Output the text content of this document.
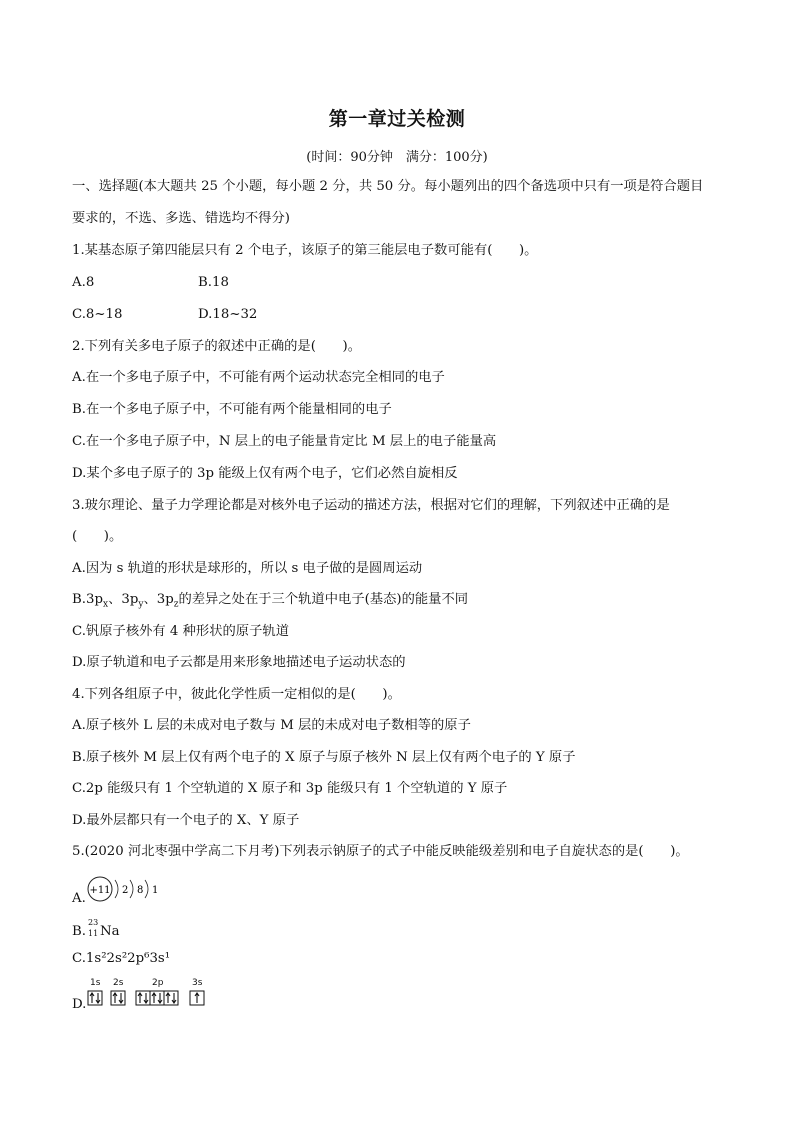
第一章过关检测
(时间：90分钟　满分：100分)
一、选择题(本大题共 25 个小题，每小题 2 分，共 50 分。每小题列出的四个备选项中只有一项是符合题目
要求的，不选、多选、错选均不得分)
1.某基态原子第四能层只有 2 个电子，该原子的第三能层电子数可能有(　　)。
A.8	B.18
C.8~18	D.18~32
2.下列有关多电子原子的叙述中正确的是(　　)。
A.在一个多电子原子中，不可能有两个运动状态完全相同的电子
B.在一个多电子原子中，不可能有两个能量相同的电子
C.在一个多电子原子中，N 层上的电子能量肯定比 M 层上的电子能量高
D.某个多电子原子的 3p 能级上仅有两个电子，它们必然自旋相反
3.玻尔理论、量子力学理论都是对核外电子运动的描述方法，根据对它们的理解，下列叙述中正确的是
(　　)。
A.因为 s 轨道的形状是球形的，所以 s 电子做的是圆周运动
$B.3p_x$、$3p_y$、$3p_z$的差异之处在于三个轨道中电子(基态)的能量不同
C.钒原子核外有 4 种形状的原子轨道
D.原子轨道和电子云都是用来形象地描述电子运动状态的
4.下列各组原子中，彼此化学性质一定相似的是(　　)。
A.原子核外 L 层的未成对电子数与 M 层的未成对电子数相等的原子
B.原子核外 M 层上仅有两个电子的 X 原子与原子核外 N 层上仅有两个电子的 Y 原子
C.2p 能级只有 1 个空轨道的 X 原子和 3p 能级只有 1 个空轨道的 Y 原子
D.最外层都只有一个电子的 X、Y 原子
5.(2020 河北枣强中学高二下月考)下列表示钠原子的式子中能反映能级差别和电子自旋状态的是(　　)。
A.
+11 2 8 1
B.
23
11 Na
C.1s²2s²2p⁶3s¹
D.
1s 2s	2p	3s
